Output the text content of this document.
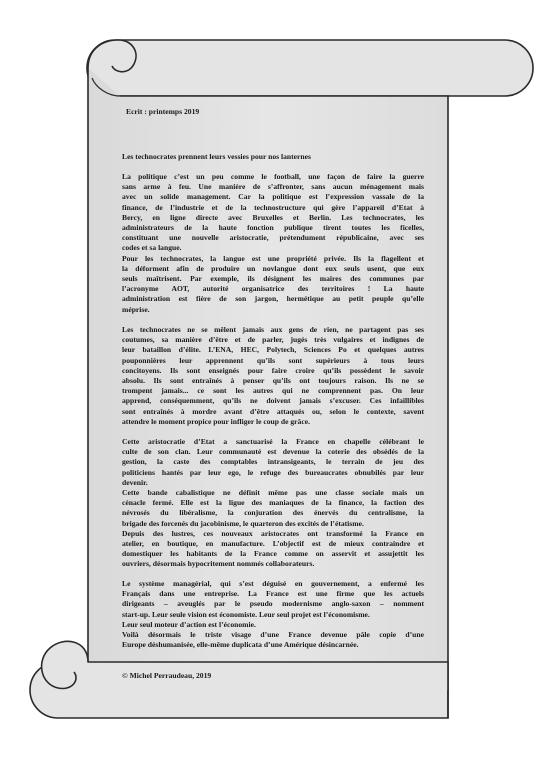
Ecrit : printemps 2019

Les technocrates prennent leurs vessies pour nos lanternes

La politique c’est un peu comme le football, une façon de faire la guerre
sans arme à feu. Une manière de s’affronter, sans aucun ménagement mais
avec un solide management. Car la politique est l’expression vassale de la
finance, de l’industrie et de la technostructure qui gère l’appareil d’Etat à
Bercy, en ligne directe avec Bruxelles et Berlin. Les technocrates, les
administrateurs de la haute fonction publique tirent toutes les ficelles,
constituant une nouvelle aristocratie, prétendument républicaine, avec ses
codes et sa langue.
Pour les technocrates, la langue est une propriété privée. Ils la flagellent et
la déforment afin de produire un novlangue dont eux seuls usent, que eux
seuls maîtrisent. Par exemple, ils désignent les maires des communes par
l’acronyme AOT, autorité organisatrice des territoires ! La haute
administration est fière de son jargon, hermétique au petit peuple qu’elle
méprise.
Les technocrates ne se mêlent jamais aux gens de rien, ne partagent pas ses
coutumes, sa manière d’être et de parler, jugés très vulgaires et indignes de
leur bataillon d’élite. L’ENA, HEC, Polytech, Sciences Po et quelques autres
pouponnières leur apprennent qu’ils sont supérieurs à tous leurs
concitoyens. Ils sont enseignés pour faire croire qu’ils possèdent le savoir
absolu. Ils sont entraînés à penser qu’ils ont toujours raison. Ils ne se
trompent jamais... ce sont les autres qui ne comprennent pas. On leur
apprend, conséquemment, qu’ils ne doivent jamais s’excuser. Ces infaillibles
sont entraînés à mordre avant d’être attaqués ou, selon le contexte, savent
attendre le moment propice pour infliger le coup de grâce.
Cette aristocratie d’Etat a sanctuarisé la France en chapelle célébrant le
culte de son clan. Leur communauté est devenue la coterie des obsédés de la
gestion, la caste des comptables intransigeants, le terrain de jeu des
politiciens hantés par leur ego, le refuge des bureaucrates obnubilés par leur
devenir.
Cette bande cabalistique ne définit même pas une classe sociale mais un
cénacle fermé. Elle est la ligue des maniaques de la finance, la faction des
névrosés du libéralisme, la conjuration des énervés du centralisme, la
brigade des forcenés du jacobinisme, le quarteron des excités de l’étatisme.
Depuis des lustres, ces nouveaux aristocrates ont transformé la France en
atelier, en boutique, en manufacture. L’objectif est de mieux contraindre et
domestiquer les habitants de la France comme on asservit et assujettit les
ouvriers, désormais hypocritement nommés collaborateurs.
Le système managérial, qui s’est déguisé en gouvernement, a enfermé les
Français dans une entreprise. La France est une firme que les actuels
dirigeants – aveuglés par le pseudo modernisme anglo-saxon – nomment
start-up. Leur seule vision est économiste. Leur seul projet est l’économisme.
Leur seul moteur d’action est l’économie.
Voilà désormais le triste visage d’une France devenue pâle copie d’une
Europe déshumanisée, elle-même duplicata d’une Amérique désincarnée.

© Michel Perraudeau, 2019
